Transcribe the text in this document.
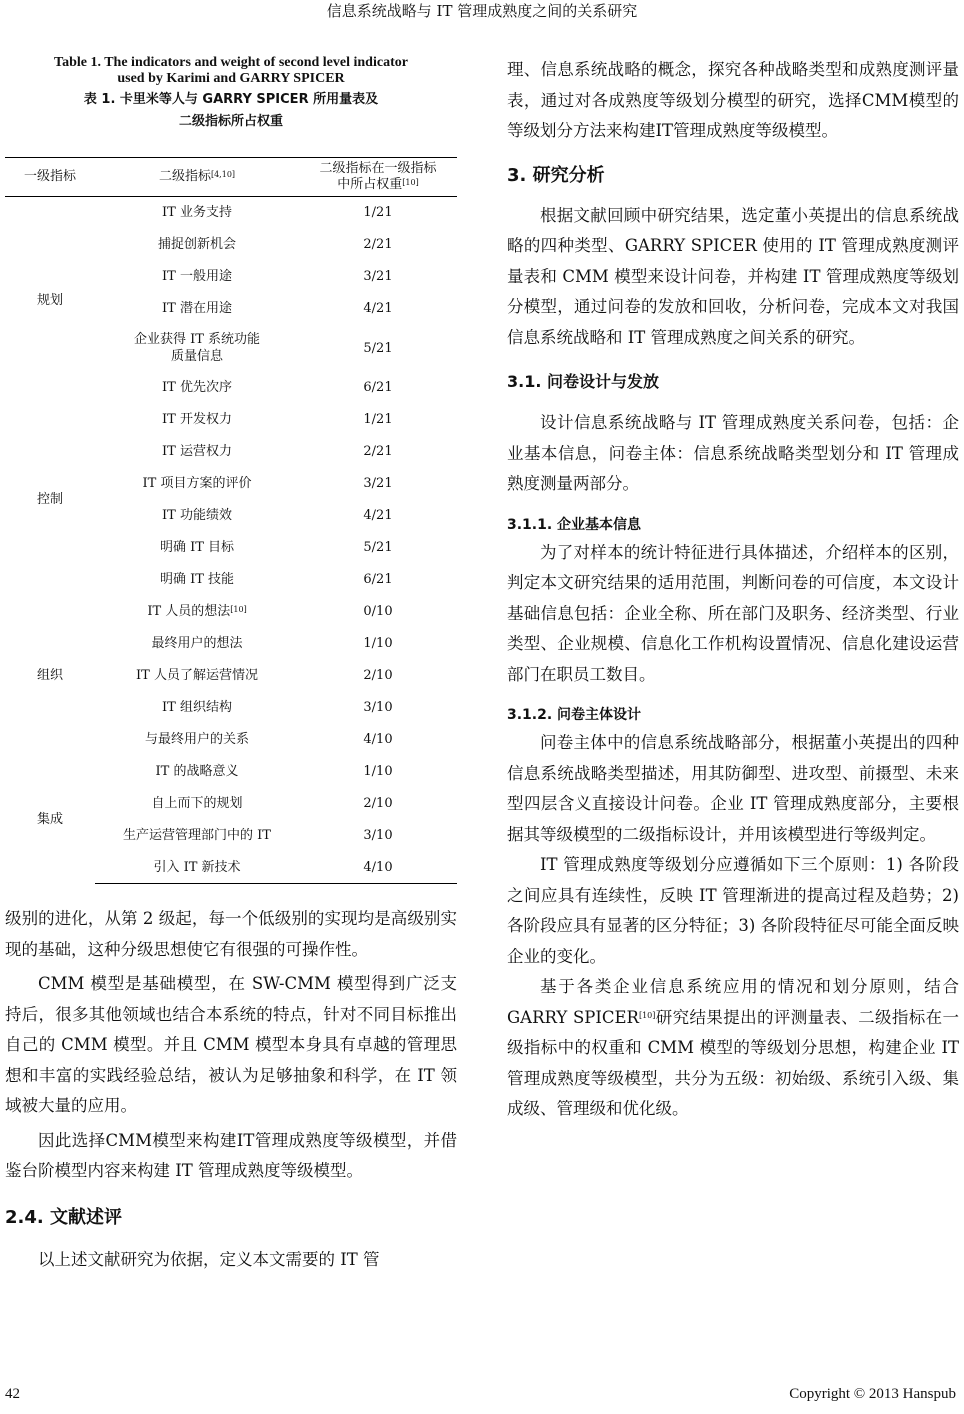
信息系统战略与 IT 管理成熟度之间的关系研究
Table 1. The indicators and weight of second level indicator
used by Karimi and GARRY SPICER
表 1. 卡里米等人与 GARRY SPICER 所用量表及
二级指标所占权重
一级指标	二级指标[4,10]	二级指标在一级指标
中所占权重[10]

规划	IT 业务支持	1/21
	捕捉创新机会	2/21
	IT 一般用途	3/21
	IT 潜在用途	4/21
	企业获得 IT 系统功能
质量信息	5/21
	IT 优先次序	6/21
控制	IT 开发权力	1/21
	IT 运营权力	2/21
	IT 项目方案的评价	3/21
	IT 功能绩效	4/21
	明确 IT 目标	5/21
	明确 IT 技能	6/21
组织	IT 人员的想法[10]	0/10
	最终用户的想法	1/10
	IT 人员了解运营情况	2/10
	IT 组织结构	3/10
	与最终用户的关系	4/10
集成	IT 的战略意义	1/10
	自上而下的规划	2/10
	生产运营管理部门中的 IT	3/10
	引入 IT 新技术	4/10

级别的进化，从第 2 级起，每一个低级别的实现均是高级别实现的基础，这种分级思想使它有很强的可操作性。

CMM 模型是基础模型，在 SW-CMM 模型得到广泛支持后，很多其他领域也结合本系统的特点，针对不同目标推出自己的 CMM 模型。并且 CMM 模型本身具有卓越的管理思想和丰富的实践经验总结，被认为足够抽象和科学，在 IT 领域被大量的应用。

因此选择CMM模型来构建IT管理成熟度等级模型，并借鉴台阶模型内容来构建 IT 管理成熟度等级模型。

2.4. 文献述评

以上述文献研究为依据，定义本文需要的 IT 管

理、信息系统战略的概念，探究各种战略类型和成熟度测评量表，通过对各成熟度等级划分模型的研究，选择CMM模型的等级划分方法来构建IT管理成熟度等级模型。

3. 研究分析

根据文献回顾中研究结果，选定董小英提出的信息系统战略的四种类型、GARRY SPICER 使用的 IT 管理成熟度测评量表和 CMM 模型来设计问卷，并构建 IT 管理成熟度等级划分模型，通过问卷的发放和回收，分析问卷，完成本文对我国信息系统战略和 IT 管理成熟度之间关系的研究。

3.1. 问卷设计与发放

设计信息系统战略与 IT 管理成熟度关系问卷，包括：企业基本信息，问卷主体：信息系统战略类型划分和 IT 管理成熟度测量两部分。

3.1.1. 企业基本信息

为了对样本的统计特征进行具体描述，介绍样本的区别，判定本文研究结果的适用范围，判断问卷的可信度，本文设计基础信息包括：企业全称、所在部门及职务、经济类型、行业类型、企业规模、信息化工作机构设置情况、信息化建设运营部门在职员工数目。

3.1.2. 问卷主体设计

问卷主体中的信息系统战略部分，根据董小英提出的四种信息系统战略类型描述，用其防御型、进攻型、前摄型、未来型四层含义直接设计问卷。企业 IT 管理成熟度部分，主要根据其等级模型的二级指标设计，并用该模型进行等级判定。

IT 管理成熟度等级划分应遵循如下三个原则：1) 各阶段之间应具有连续性，反映 IT 管理渐进的提高过程及趋势；2) 各阶段应具有显著的区分特征；3) 各阶段特征尽可能全面反映企业的变化。

基于各类企业信息系统应用的情况和划分原则，结合 GARRY SPICER[10]研究结果提出的评测量表、二级指标在一级指标中的权重和 CMM 模型的等级划分思想，构建企业 IT 管理成熟度等级模型，共分为五级：初始级、系统引入级、集成级、管理级和优化级。

42	Copyright © 2013 Hanspub
